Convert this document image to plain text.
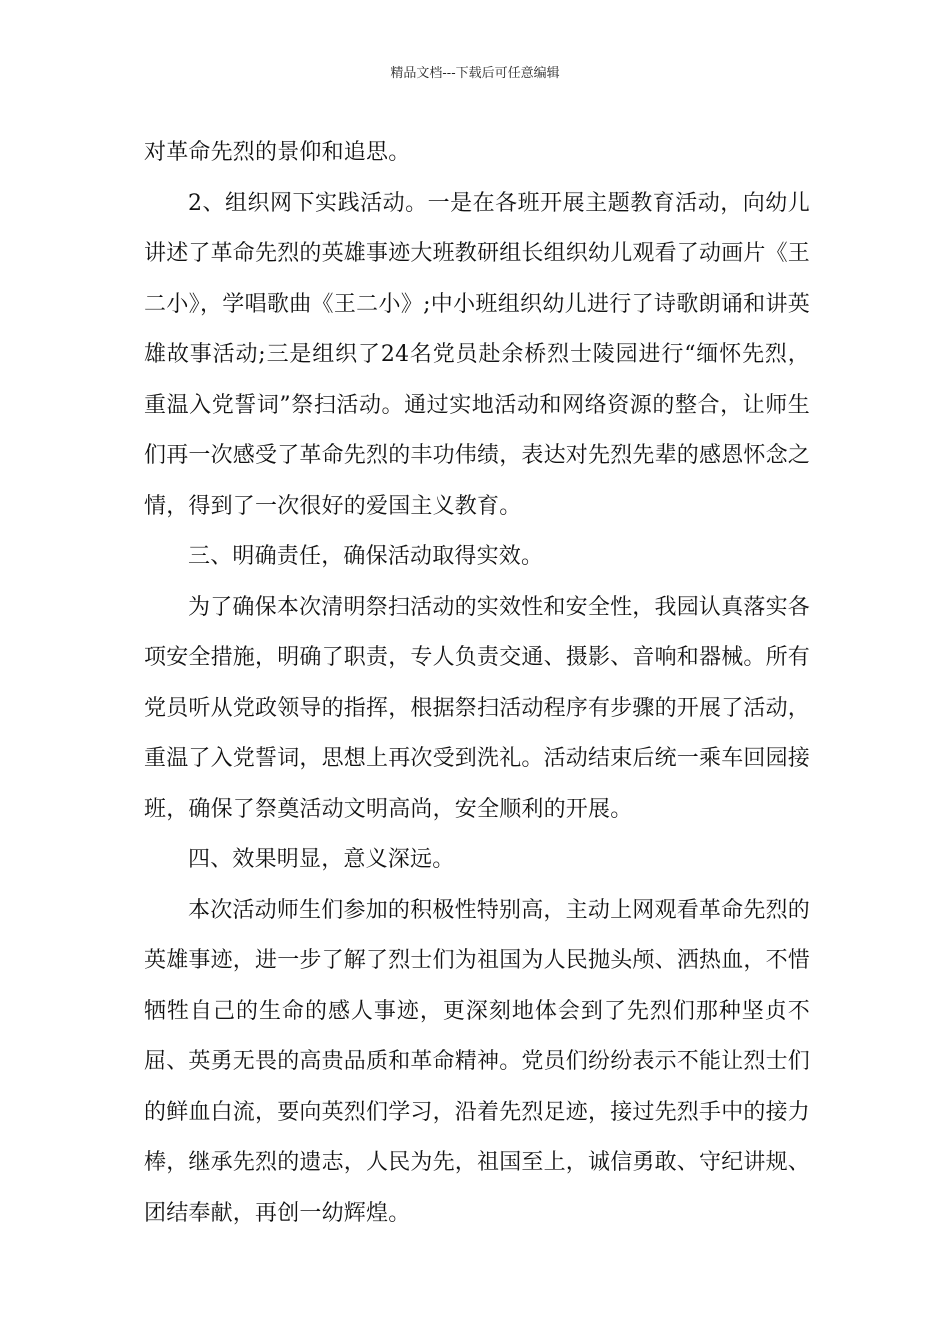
精品文档---下载后可任意编辑

对革命先烈的景仰和追思。

2、组织网下实践活动。一是在各班开展主题教育活动，向幼儿讲述了革命先烈的英雄事迹大班教研组长组织幼儿观看了动画片《王二小》，学唱歌曲《王二小》;中小班组织幼儿进行了诗歌朗诵和讲英雄故事活动;三是组织了24名党员赴余桥烈士陵园进行“缅怀先烈，重温入党誓词”祭扫活动。通过实地活动和网络资源的整合，让师生们再一次感受了革命先烈的丰功伟绩，表达对先烈先辈的感恩怀念之情，得到了一次很好的爱国主义教育。

三、明确责任，确保活动取得实效。

为了确保本次清明祭扫活动的实效性和安全性，我园认真落实各项安全措施，明确了职责，专人负责交通、摄影、音响和器械。所有党员听从党政领导的指挥，根据祭扫活动程序有步骤的开展了活动，重温了入党誓词，思想上再次受到洗礼。活动结束后统一乘车回园接班，确保了祭奠活动文明高尚，安全顺利的开展。

四、效果明显，意义深远。

本次活动师生们参加的积极性特别高，主动上网观看革命先烈的英雄事迹，进一步了解了烈士们为祖国为人民抛头颅、洒热血，不惜牺牲自己的生命的感人事迹，更深刻地体会到了先烈们那种坚贞不屈、英勇无畏的高贵品质和革命精神。党员们纷纷表示不能让烈士们的鲜血白流，要向英烈们学习，沿着先烈足迹，接过先烈手中的接力棒，继承先烈的遗志，人民为先，祖国至上，诚信勇敢、守纪讲规、团结奉献，再创一幼辉煌。
